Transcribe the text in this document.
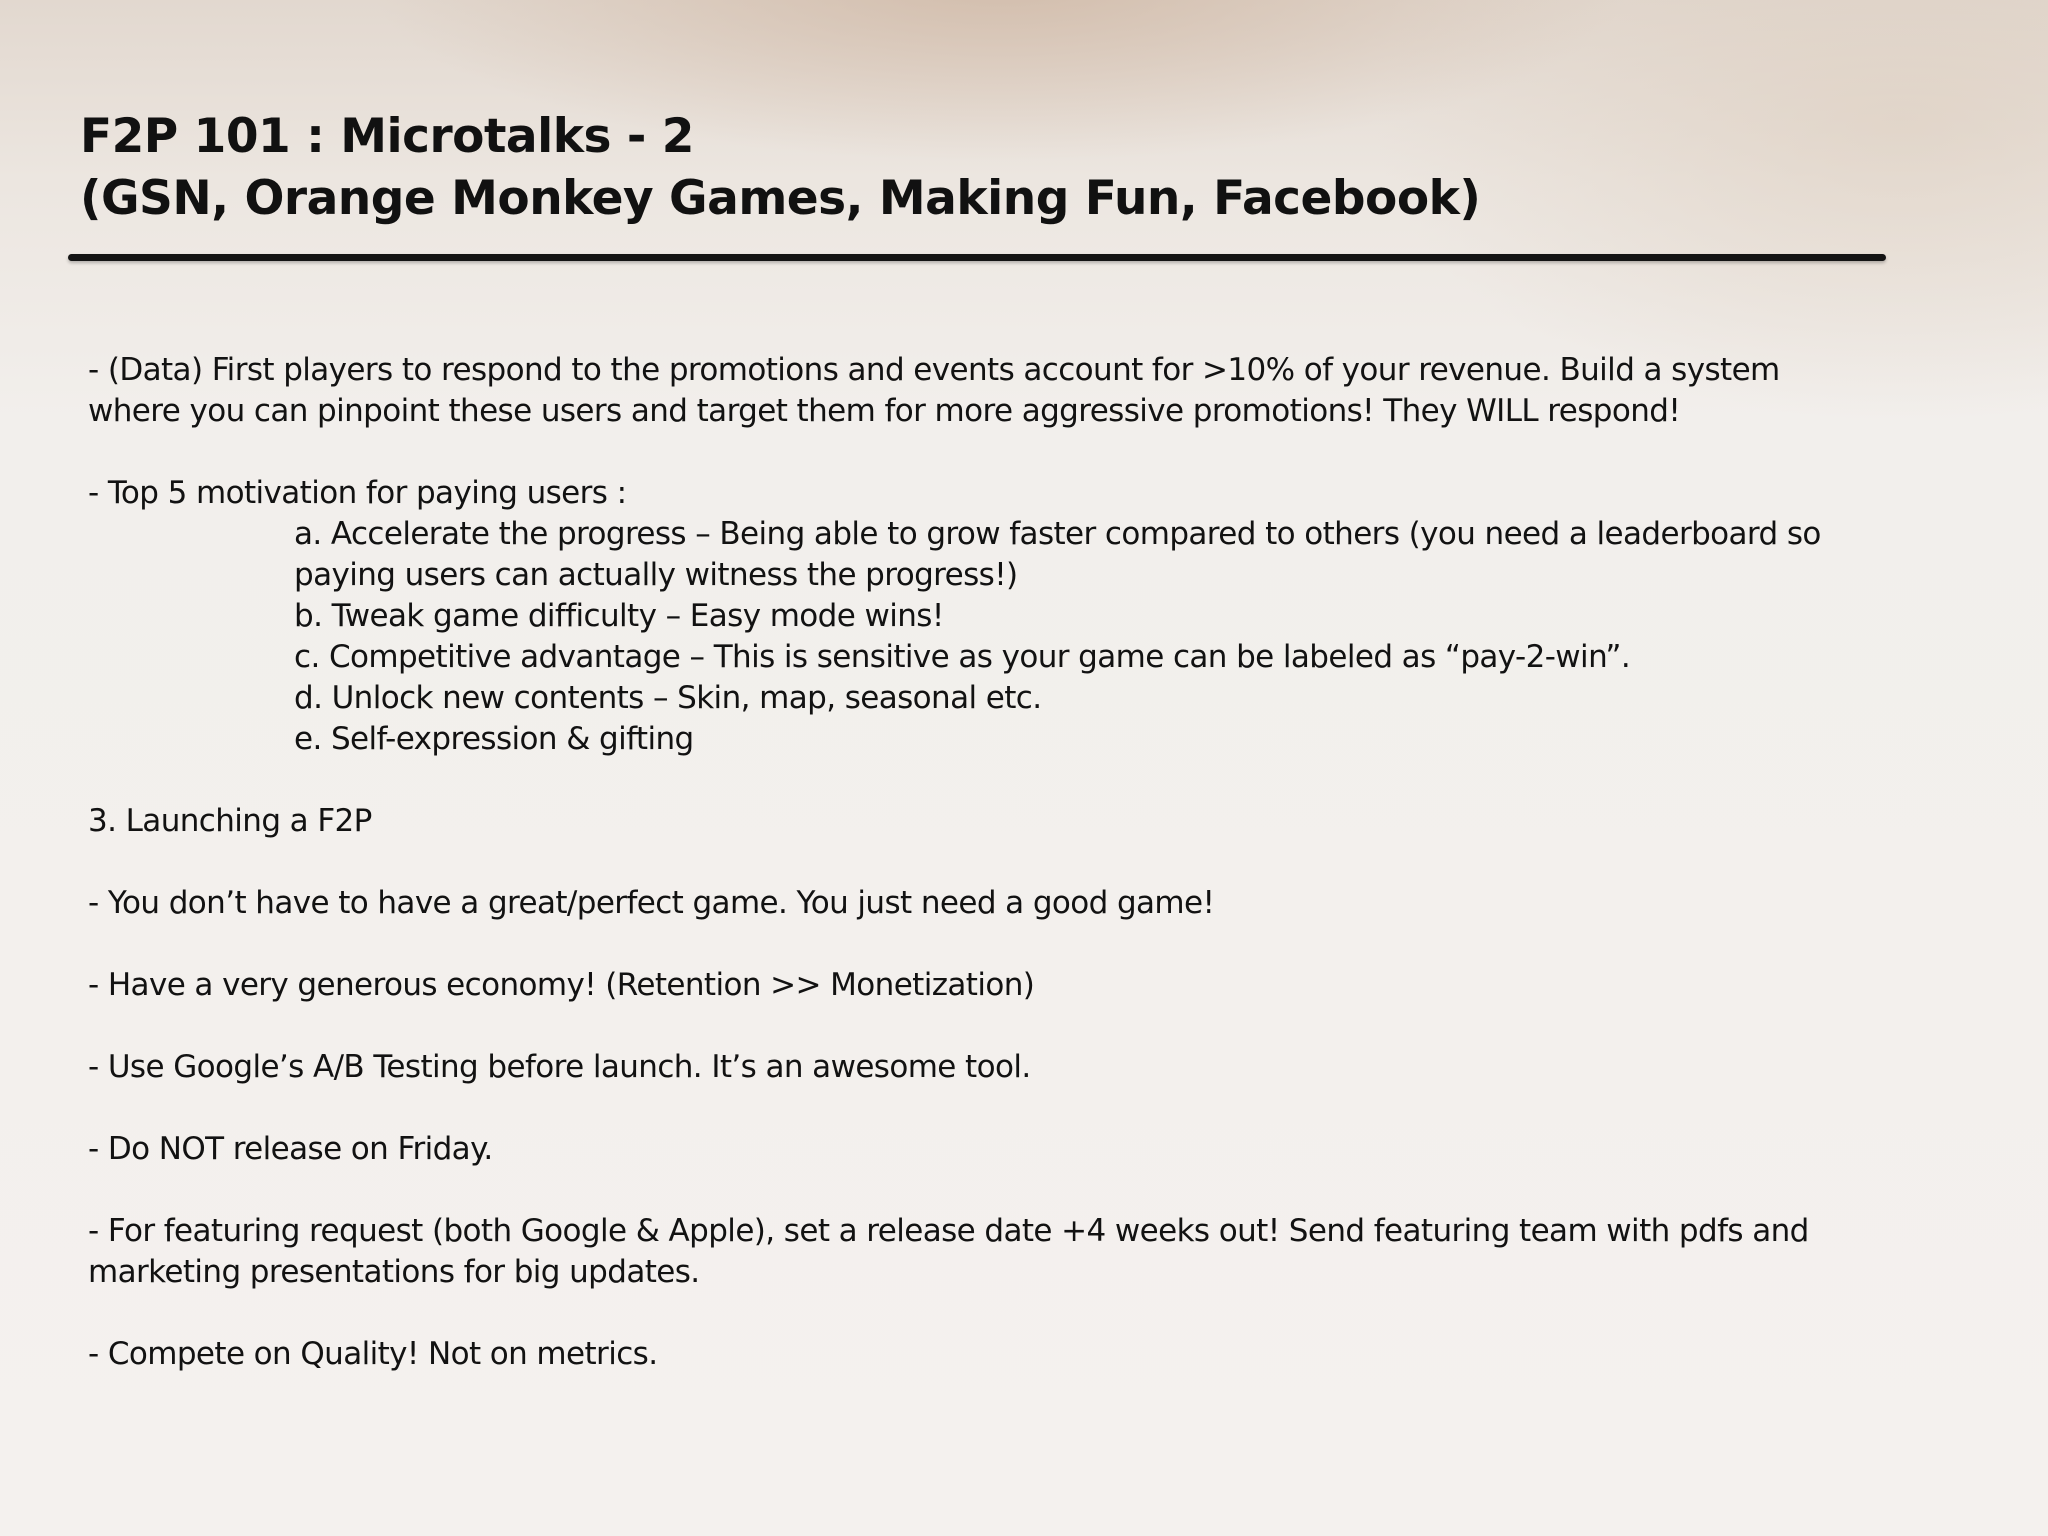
F2P 101 : Microtalks - 2
(GSN, Orange Monkey Games, Making Fun, Facebook)
- (Data) First players to respond to the promotions and events account for >10% of your revenue. Build a system
where you can pinpoint these users and target them for more aggressive promotions! They WILL respond!
- Top 5 motivation for paying users :
a. Accelerate the progress – Being able to grow faster compared to others (you need a leaderboard so
paying users can actually witness the progress!)
b. Tweak game difficulty – Easy mode wins!
c. Competitive advantage – This is sensitive as your game can be labeled as “pay-2-win”.
d. Unlock new contents – Skin, map, seasonal etc.
e. Self-expression & gifting
3. Launching a F2P
- You don’t have to have a great/perfect game. You just need a good game!
- Have a very generous economy! (Retention >> Monetization)
- Use Google’s A/B Testing before launch. It’s an awesome tool.
- Do NOT release on Friday.
- For featuring request (both Google & Apple), set a release date +4 weeks out! Send featuring team with pdfs and
marketing presentations for big updates.
- Compete on Quality! Not on metrics.
